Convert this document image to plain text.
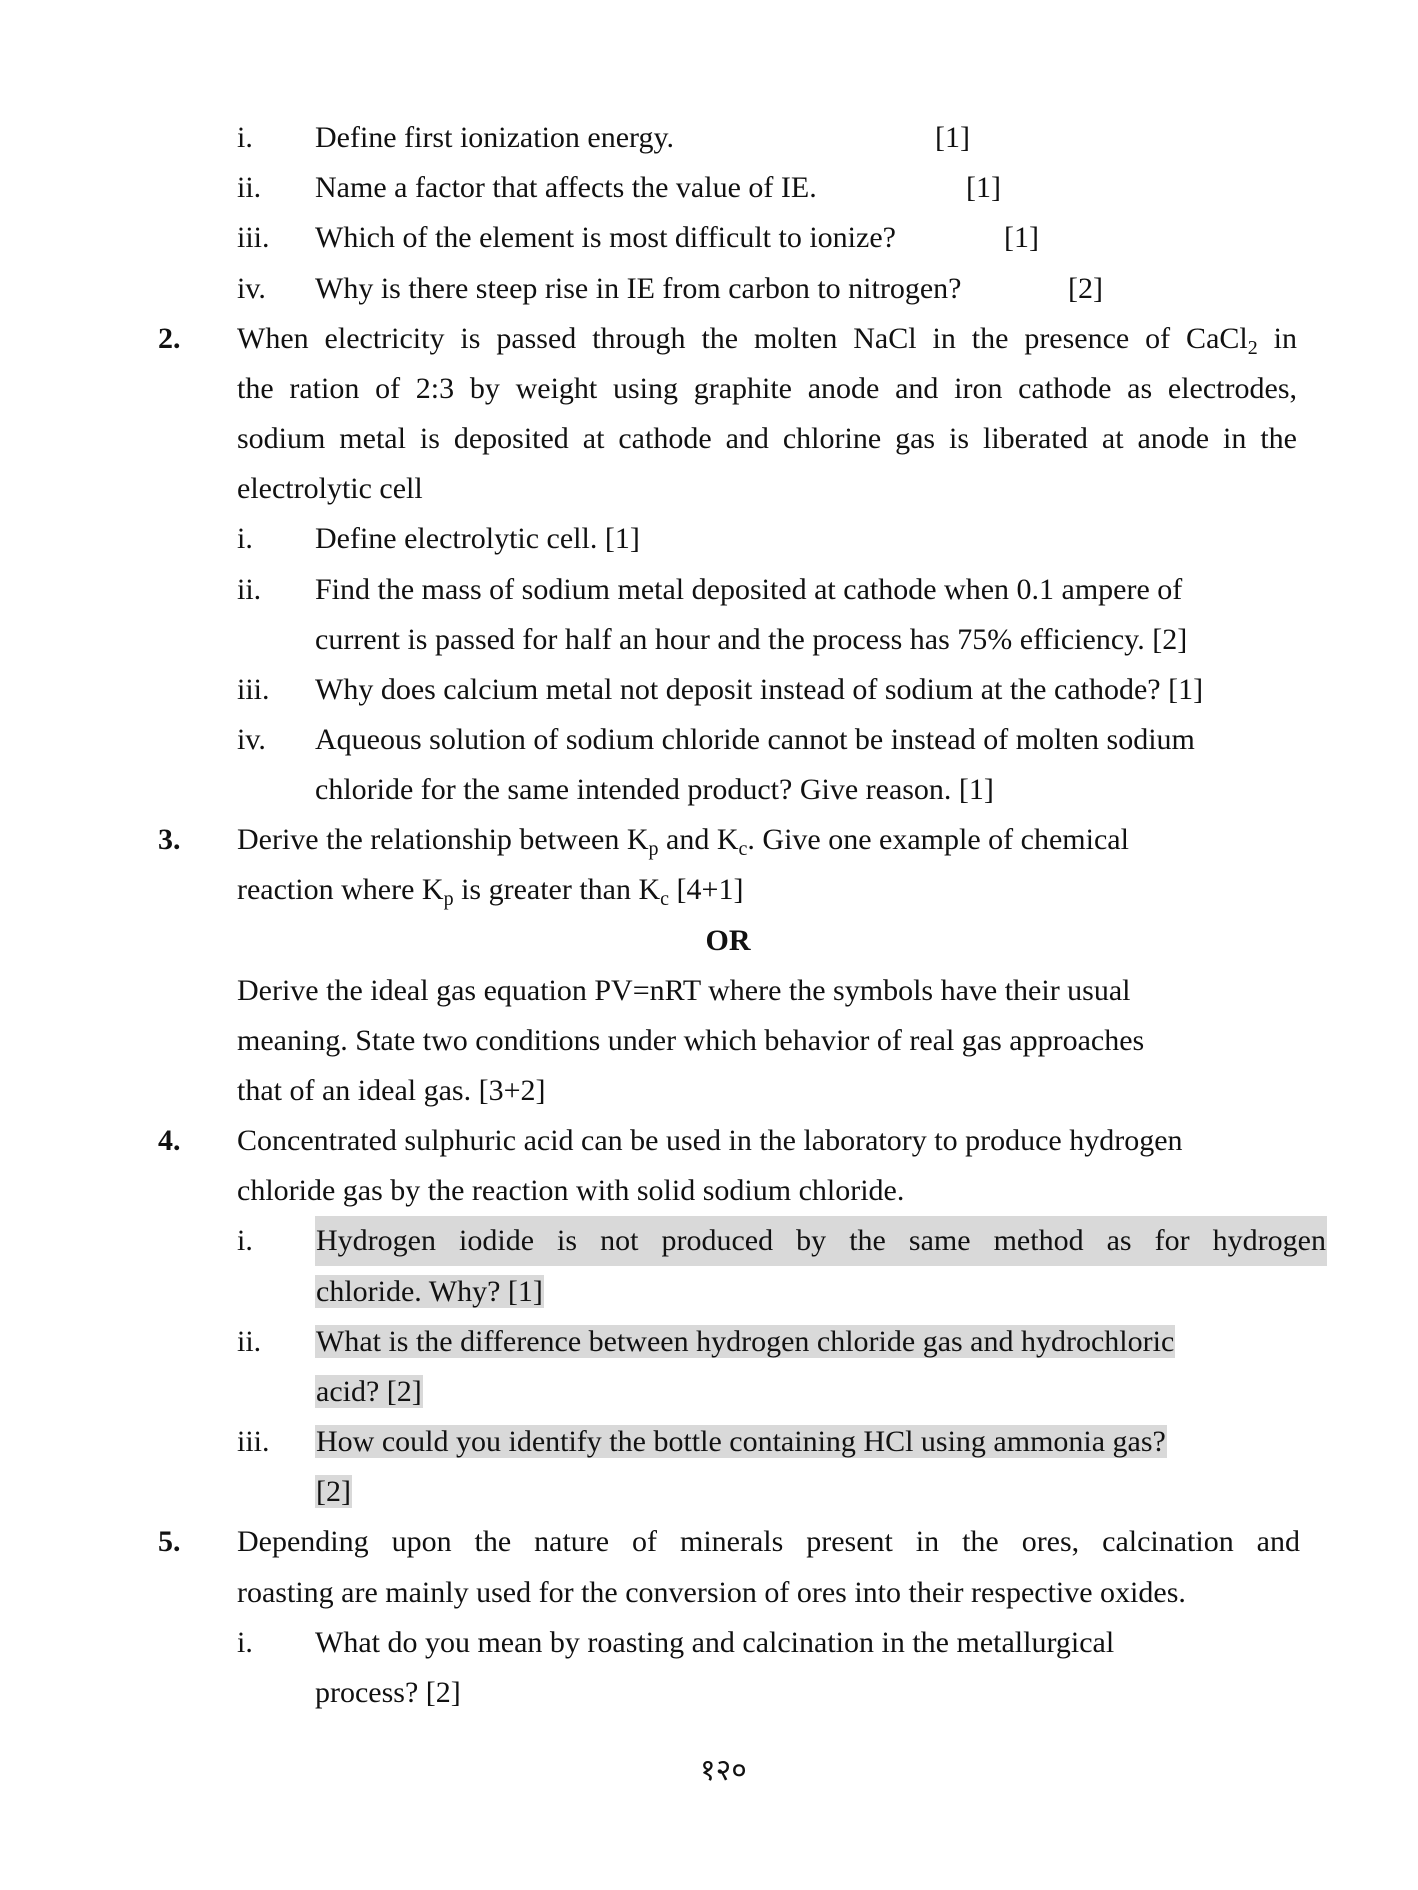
i. Define first ionization energy.	[1]
ii. Name a factor that affects the value of IE.	[1]
iii. Which of the element is most difficult to ionize?	[1]
iv. Why is there steep rise in IE from carbon to nitrogen?	[2]
2. When electricity is passed through the molten NaCl in the presence of CaCl$_2$ in
the ration of 2:3 by weight using graphite anode and iron cathode as electrodes,
sodium metal is deposited at cathode and chlorine gas is liberated at anode in the
electrolytic cell
i. Define electrolytic cell. [1]
ii. Find the mass of sodium metal deposited at cathode when 0.1 ampere of
current is passed for half an hour and the process has 75% efficiency. [2]
iii. Why does calcium metal not deposit instead of sodium at the cathode? [1]
iv. Aqueous solution of sodium chloride cannot be instead of molten sodium
chloride for the same intended product? Give reason. [1]
3. Derive the relationship between $K_p$ and $K_c$. Give one example of chemical
reaction where $K_p$ is greater than $K_c$ [4+1]
OR
Derive the ideal gas equation PV=nRT where the symbols have their usual
meaning. State two conditions under which behavior of real gas approaches
that of an ideal gas. [3+2]
4. Concentrated sulphuric acid can be used in the laboratory to produce hydrogen
chloride gas by the reaction with solid sodium chloride.
i. Hydrogen iodide is not produced by the same method as for hydrogen
chloride. Why? [1]
ii. What is the difference between hydrogen chloride gas and hydrochloric
acid? [2]
iii. How could you identify the bottle containing HCl using ammonia gas?
[2]
5. Depending upon the nature of minerals present in the ores, calcination and
roasting are mainly used for the conversion of ores into their respective oxides.
i. What do you mean by roasting and calcination in the metallurgical
process? [2]
१२०
